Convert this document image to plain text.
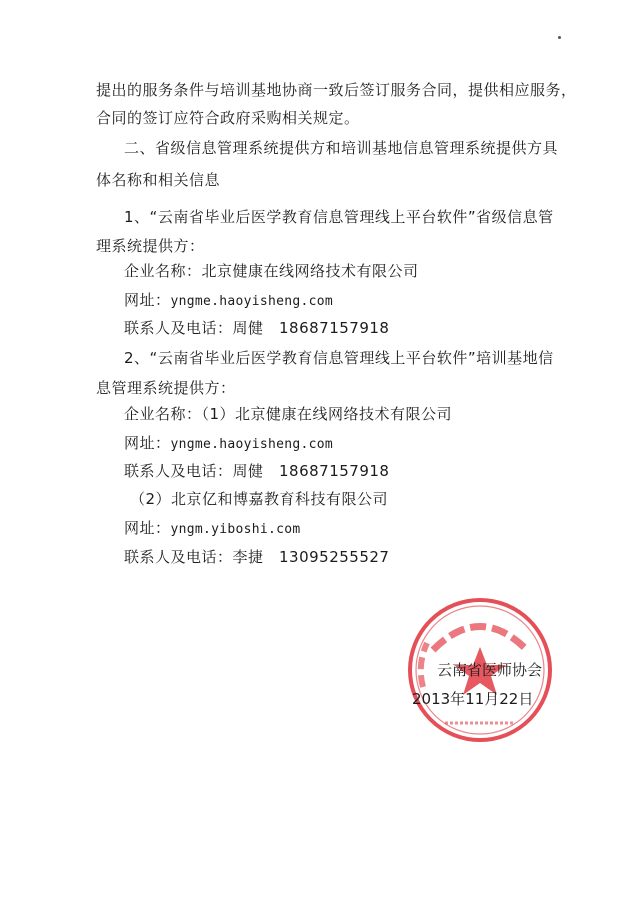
提出的服务条件与培训基地协商一致后签订服务合同，提供相应服务，
合同的签订应符合政府采购相关规定。
二、省级信息管理系统提供方和培训基地信息管理系统提供方具
体名称和相关信息
1、“云南省毕业后医学教育信息管理线上平台软件”省级信息管
理系统提供方：
企业名称：北京健康在线网络技术有限公司
网址：yngme.haoyisheng.com
联系人及电话：周健　18687157918
2、“云南省毕业后医学教育信息管理线上平台软件”培训基地信
息管理系统提供方：
企业名称：（1）北京健康在线网络技术有限公司
网址：yngme.haoyisheng.com
联系人及电话：周健　18687157918
（2）北京亿和博嘉教育科技有限公司
网址：yngm.yiboshi.com
联系人及电话：李捷　13095255527
云南省医师协会
2013年11月22日
